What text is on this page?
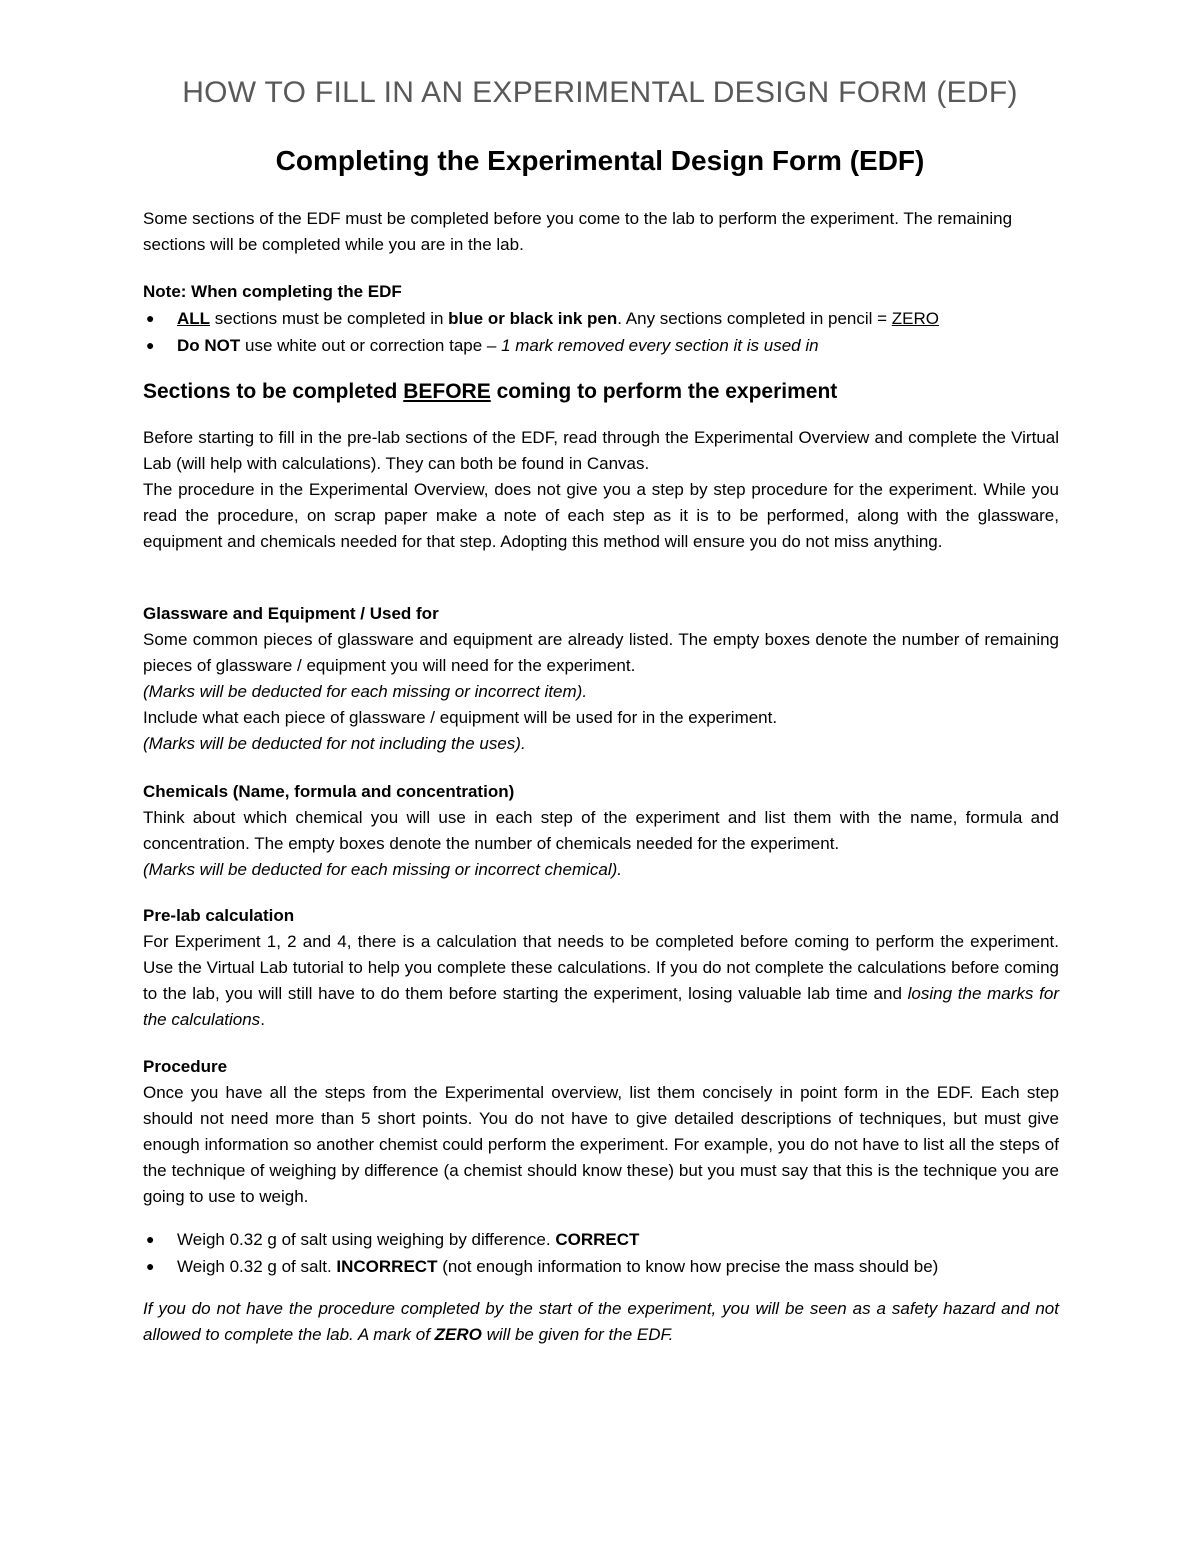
HOW TO FILL IN AN EXPERIMENTAL DESIGN FORM (EDF)
Completing the Experimental Design Form (EDF)

Some sections of the EDF must be completed before you come to the lab to perform the experiment. The remaining sections will be completed while you are in the lab.

Note: When completing the EDF

● ALL sections must be completed in blue or black ink pen. Any sections completed in pencil = ZERO
● Do NOT use white out or correction tape – 1 mark removed every section it is used in
Sections to be completed BEFORE coming to perform the experiment

Before starting to fill in the pre-lab sections of the EDF, read through the Experimental Overview and complete the Virtual Lab (will help with calculations). They can both be found in Canvas.

The procedure in the Experimental Overview, does not give you a step by step procedure for the experiment. While you read the procedure, on scrap paper make a note of each step as it is to be performed, along with the glassware, equipment and chemicals needed for that step. Adopting this method will ensure you do not miss anything.

Glassware and Equipment / Used for

Some common pieces of glassware and equipment are already listed. The empty boxes denote the number of remaining pieces of glassware / equipment you will need for the experiment.

(Marks will be deducted for each missing or incorrect item).

Include what each piece of glassware / equipment will be used for in the experiment.

(Marks will be deducted for not including the uses).

Chemicals (Name, formula and concentration)

Think about which chemical you will use in each step of the experiment and list them with the name, formula and concentration. The empty boxes denote the number of chemicals needed for the experiment.

(Marks will be deducted for each missing or incorrect chemical).

Pre-lab calculation

For Experiment 1, 2 and 4, there is a calculation that needs to be completed before coming to perform the experiment. Use the Virtual Lab tutorial to help you complete these calculations. If you do not complete the calculations before coming to the lab, you will still have to do them before starting the experiment, losing valuable lab time and losing the marks for the calculations.

Procedure

Once you have all the steps from the Experimental overview, list them concisely in point form in the EDF. Each step should not need more than 5 short points. You do not have to give detailed descriptions of techniques, but must give enough information so another chemist could perform the experiment. For example, you do not have to list all the steps of the technique of weighing by difference (a chemist should know these) but you must say that this is the technique you are going to use to weigh.

● Weigh 0.32 g of salt using weighing by difference. CORRECT
● Weigh 0.32 g of salt. INCORRECT (not enough information to know how precise the mass should be)

If you do not have the procedure completed by the start of the experiment, you will be seen as a safety hazard and not allowed to complete the lab. A mark of ZERO will be given for the EDF.
